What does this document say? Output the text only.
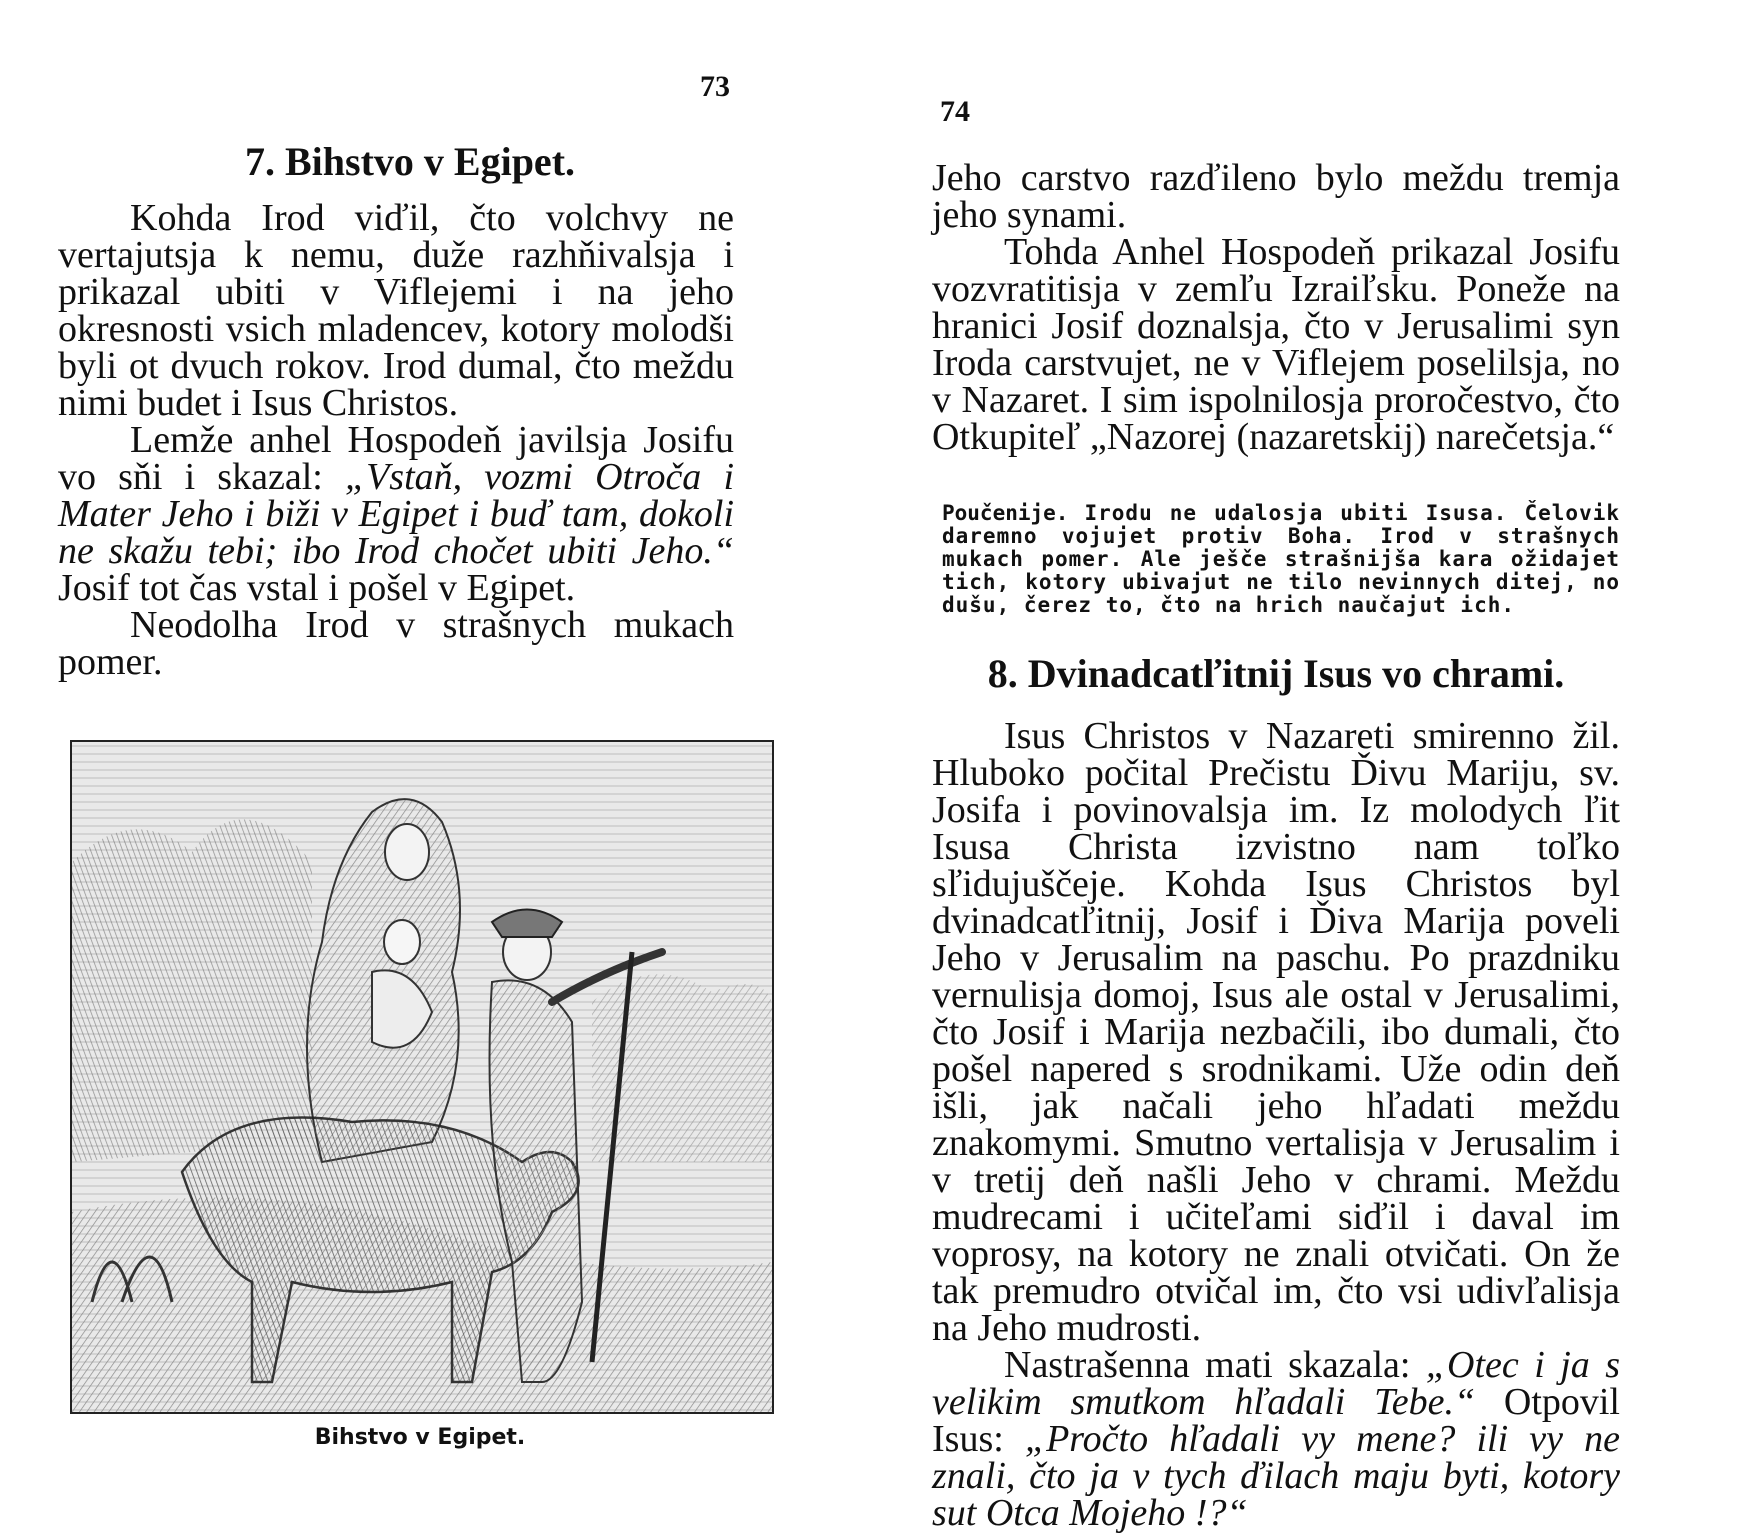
73
7. Bihstvo v Egipet.

Kohda Irod viďil, čto volchvy ne vertajutsja k nemu, duže razhňivalsja i prikazal ubiti v Viflejemi i na jeho okresnosti vsich mladencev, kotory molodši byli ot dvuch rokov. Irod dumal, čto meždu nimi budet i Isus Christos.

Lemže anhel Hospodeň javilsja Josifu vo sňi i skazal: „Vstaň, vozmi Otroča i Mater Jeho i biži v Egipet i buď tam, dokoli ne skažu tebi; ibo Irod chočet ubiti Jeho.“ Josif tot čas vstal i pošel v Egipet.

Neodolha Irod v strašnych mukach pomer.

Bihstvo v Egipet.
74

Jeho carstvo razďileno bylo meždu tremja jeho synami.

Tohda Anhel Hospodeň prikazal Josifu vozvratitisja v zemľu Izraiľsku. Poneže na hranici Josif doznalsja, čto v Jerusalimi syn Iroda carstvujet, ne v Viflejem poselilsja, no v Nazaret. I sim ispolnilosja proročestvo, čto Otkupiteľ „Nazorej (nazaretskij) narečetsja.“

Poučenije. Irodu ne udalosja ubiti Isusa. Čelovik daremno vojujet protiv Boha. Irod v strašnych mukach pomer. Ale ješče strašnijša kara ožidajet tich, kotory ubivajut ne tilo nevinnych ditej, no dušu, čerez to, čto na hrich naučajut ich.
8. Dvinadcatľitnij Isus vo chrami.

Isus Christos v Nazareti smirenno žil. Hluboko počital Prečistu Ďivu Mariju, sv. Josifa i povinovalsja im. Iz molodych ľit Isusa Christa izvistno nam toľko sľidujuščeje. Kohda Isus Christos byl dvinadcatľitnij, Josif i Ďiva Marija poveli Jeho v Jerusalim na paschu. Po prazdniku vernulisja domoj, Isus ale ostal v Jerusalimi, čto Josif i Marija nezbačili, ibo dumali, čto pošel napered s srodnikami. Uže odin deň išli, jak načali jeho hľadati meždu znakomymi. Smutno vertalisja v Jerusalim i v tretij deň našli Jeho v chrami. Meždu mudrecami i učiteľami siďil i daval im voprosy, na kotory ne znali otvičati. On že tak premudro otvičal im, čto vsi udivľalisja na Jeho mudrosti.

Nastrašenna mati skazala: „Otec i ja s velikim smutkom hľadali Tebe.“ Otpovil Isus: „Pročto hľadali vy mene? ili vy ne znali, čto ja v tych ďilach maju byti, kotory sut Otca Mojeho !?“
